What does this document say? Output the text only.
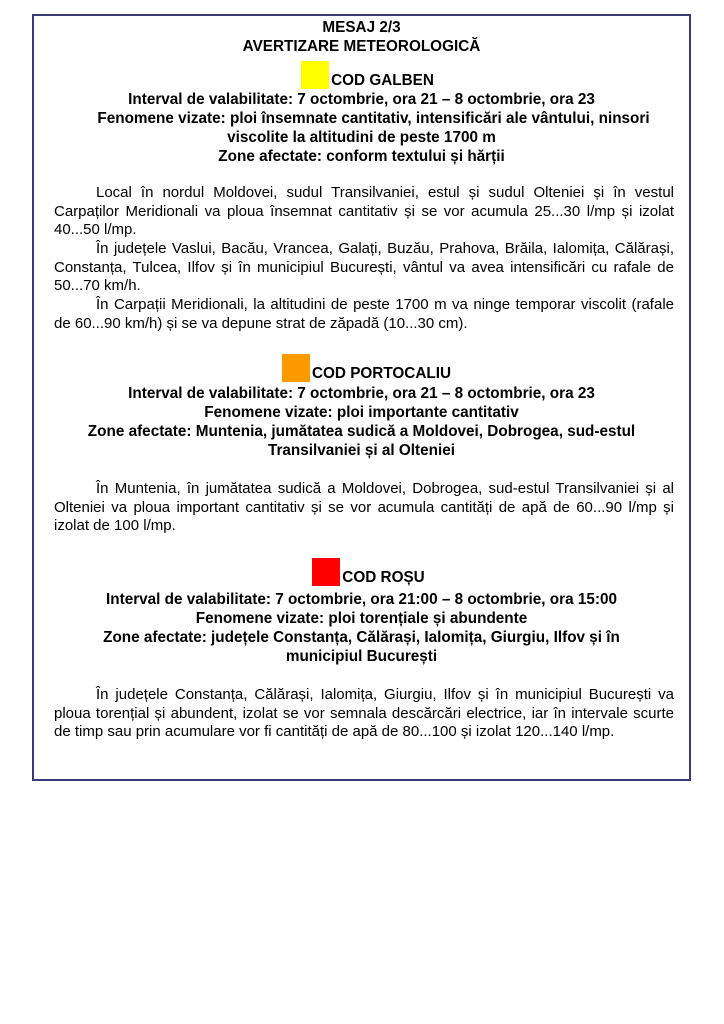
MESAJ 2/3
AVERTIZARE METEOROLOGICĂ
COD GALBEN
Interval de valabilitate: 7 octombrie, ora 21 – 8 octombrie, ora 23
Fenomene vizate: ploi însemnate cantitativ, intensificări ale vântului, ninsori
viscolite la altitudini de peste 1700 m
Zone afectate: conform textului și hărții

Local în nordul Moldovei, sudul Transilvaniei, estul și sudul Olteniei și în vestul Carpaților Meridionali va ploua însemnat cantitativ și se vor acumula 25...30 l/mp și izolat 40...50 l/mp.

În județele Vaslui, Bacău, Vrancea, Galați, Buzău, Prahova, Brăila, Ialomița, Călărași, Constanța, Tulcea, Ilfov și în municipiul București, vântul va avea intensificări cu rafale de 50...70 km/h.

În Carpații Meridionali, la altitudini de peste 1700 m va ninge temporar viscolit (rafale de 60...90 km/h) și se va depune strat de zăpadă (10...30 cm).

COD PORTOCALIU
Interval de valabilitate: 7 octombrie, ora 21 – 8 octombrie, ora 23
Fenomene vizate: ploi importante cantitativ
Zone afectate: Muntenia, jumătatea sudică a Moldovei, Dobrogea, sud-estul
Transilvaniei și al Olteniei

În Muntenia, în jumătatea sudică a Moldovei, Dobrogea, sud-estul Transilvaniei și al Olteniei va ploua important cantitativ și se vor acumula cantități de apă de 60...90 l/mp și izolat de 100 l/mp.

COD ROȘU
Interval de valabilitate: 7 octombrie, ora 21:00 – 8 octombrie, ora 15:00
Fenomene vizate: ploi torențiale și abundente
Zone afectate: județele Constanța, Călărași, Ialomița, Giurgiu, Ilfov și în
municipiul București

În județele Constanța, Călărași, Ialomița, Giurgiu, Ilfov și în municipiul București va ploua torențial și abundent, izolat se vor semnala descărcări electrice, iar în intervale scurte de timp sau prin acumulare vor fi cantități de apă de 80...100 și izolat 120...140 l/mp.
